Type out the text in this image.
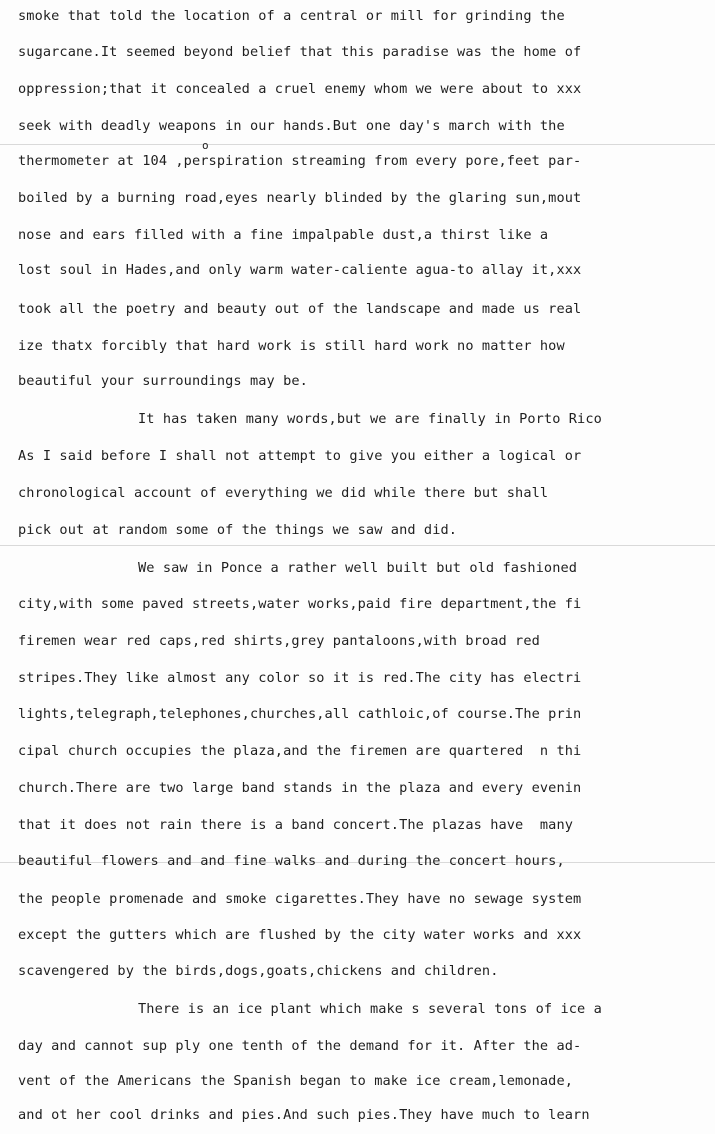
smoke that told the location of a central or mill for grinding the
sugarcane.It seemed beyond belief that this paradise was the home of
oppression;that it concealed a cruel enemy whom we were about to xxx
seek with deadly weapons in our hands.But one day's march with the
o
thermometer at 104 ,perspiration streaming from every pore,feet par-
boiled by a burning road,eyes nearly blinded by the glaring sun,mout
nose and ears filled with a fine impalpable dust,a thirst like a
lost soul in Hades,and only warm water-caliente agua-to allay it,xxx
took all the poetry and beauty out of the landscape and made us real
ize thatx forcibly that hard work is still hard work no matter how
beautiful your surroundings may be.
It has taken many words,but we are finally in Porto Rico
As I said before I shall not attempt to give you either a logical or
chronological account of everything we did while there but shall
pick out at random some of the things we saw and did.
We saw in Ponce a rather well built but old fashioned
city,with some paved streets,water works,paid fire department,the fi
firemen wear red caps,red shirts,grey pantaloons,with broad red
stripes.They like almost any color so it is red.The city has electri
lights,telegraph,telephones,churches,all cathloic,of course.The prin
cipal church occupies the plaza,and the firemen are quartered  n thi
church.There are two large band stands in the plaza and every evenin
that it does not rain there is a band concert.The plazas have  many
beautiful flowers and and fine walks and during the concert hours,
the people promenade and smoke cigarettes.They have no sewage system
except the gutters which are flushed by the city water works and xxx
scavengered by the birds,dogs,goats,chickens and children.
There is an ice plant which make s several tons of ice a
day and cannot sup ply one tenth of the demand for it. After the ad-
vent of the Americans the Spanish began to make ice cream,lemonade,
and ot her cool drinks and pies.And such pies.They have much to learn
